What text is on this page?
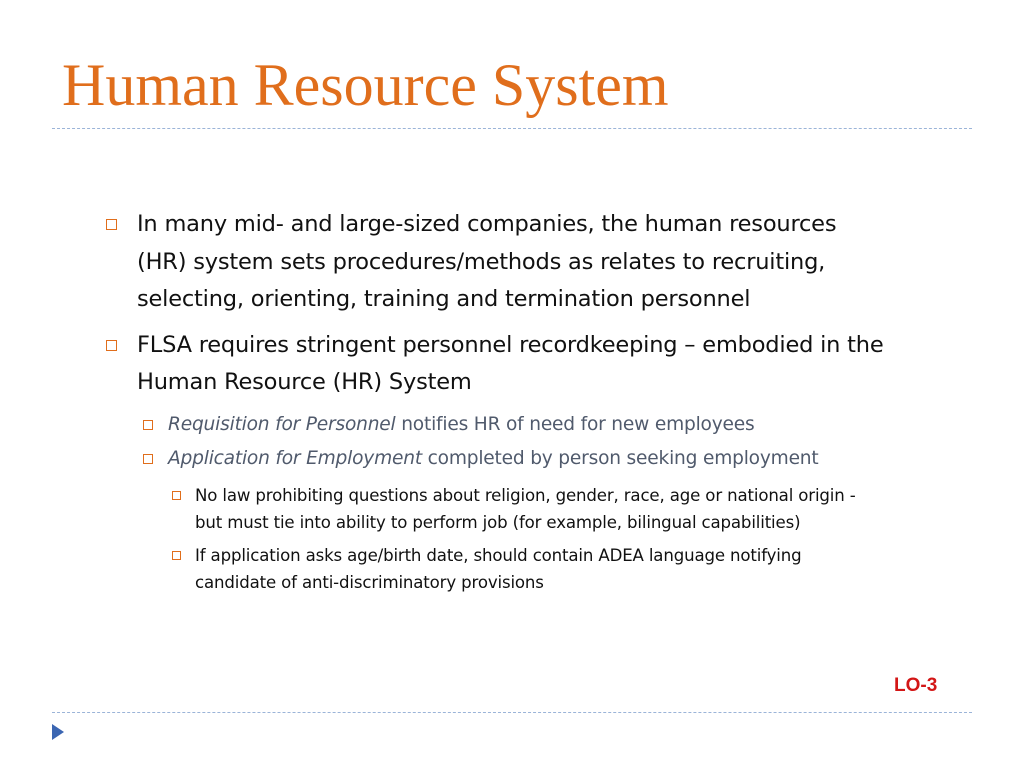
Human Resource System

In many mid- and large-sized companies, the human resources (HR) system sets procedures/methods as relates to recruiting, selecting, orienting, training and termination personnel

FLSA requires stringent personnel recordkeeping – embodied in the Human Resource (HR) System

Requisition for Personnel notifies HR of need for new employees

Application for Employment completed by person seeking employment

No law prohibiting questions about religion, gender, race, age or national origin - but must tie into ability to perform job (for example, bilingual capabilities)

If application asks age/birth date, should contain ADEA language notifying candidate of anti-discriminatory provisions

LO-3
